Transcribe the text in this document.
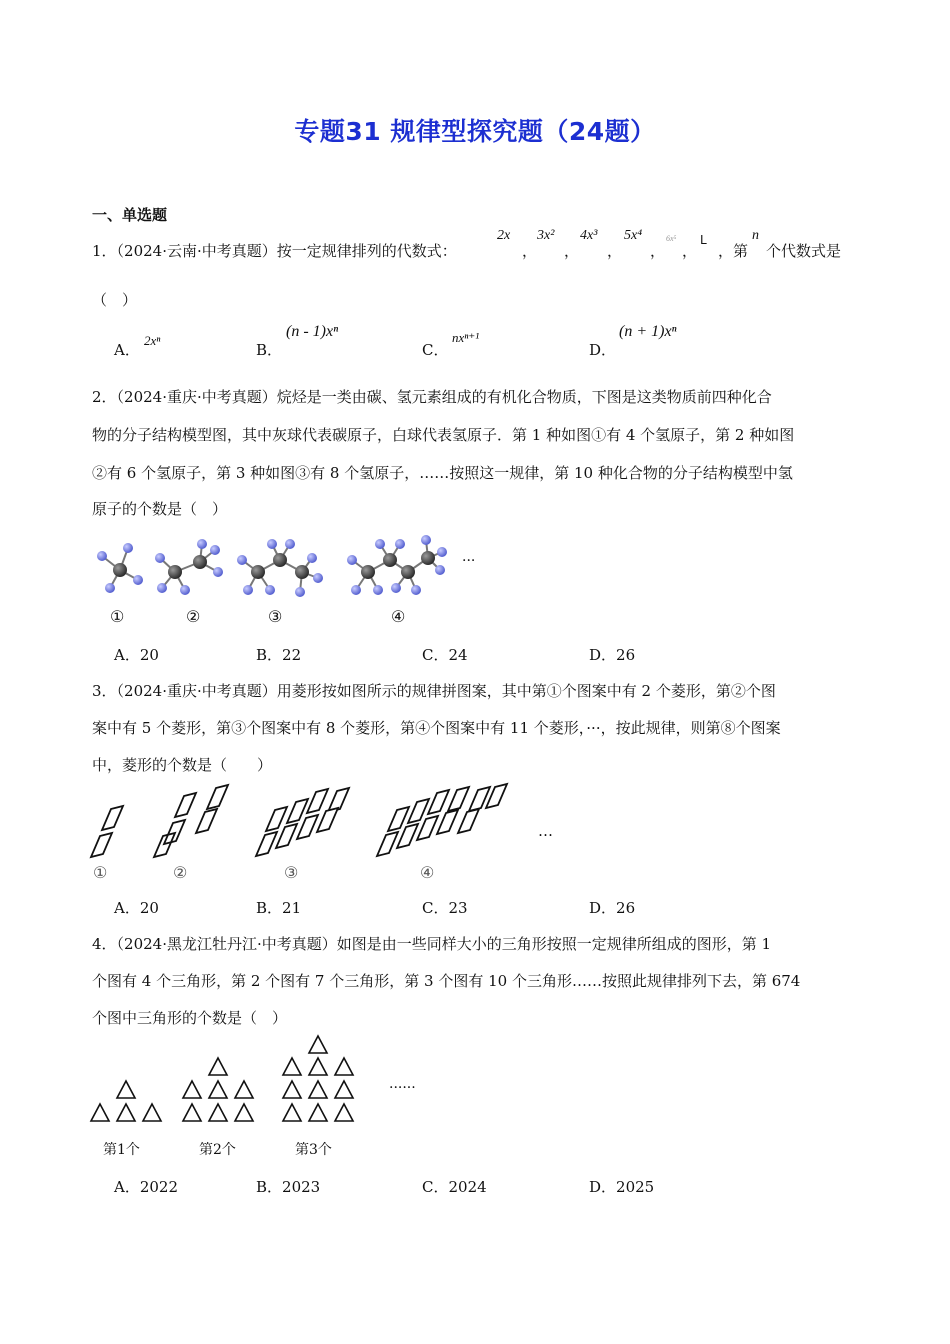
专题31 规律型探究题（24题）
一、单选题
1．（2024·云南·中考真题）按一定规律排列的代数式：
2x
，
3x²
，
4x³
，
5x⁴
，
6x⁵
，
L
，第
n
个代数式是
（　）
A．
2xⁿ
B．
(n - 1)xⁿ
C．
nxⁿ⁺¹
D．
(n + 1)xⁿ
2．（2024·重庆·中考真题）烷烃是一类由碳、氢元素组成的有机化合物质，下图是这类物质前四种化合
物的分子结构模型图，其中灰球代表碳原子，白球代表氢原子．第 1 种如图①有 4 个氢原子，第 2 种如图
②有 6 个氢原子，第 3 种如图③有 8 个氢原子，……按照这一规律，第 10 种化合物的分子结构模型中氢
原子的个数是（　）
···
①	②	③	④
A．20	B．22	C．24	D．26
3．（2024·重庆·中考真题）用菱形按如图所示的规律拼图案，其中第①个图案中有 2 个菱形，第②个图
案中有 5 个菱形，第③个图案中有 8 个菱形，第④个图案中有 11 个菱形，···，按此规律，则第⑧个图案
中，菱形的个数是（　　）
…
①	②	③	④
A．20	B．21	C．23	D．26
4．（2024·黑龙江牡丹江·中考真题）如图是由一些同样大小的三角形按照一定规律所组成的图形，第 1
个图有 4 个三角形，第 2 个图有 7 个三角形，第 3 个图有 10 个三角形……按照此规律排列下去，第 674
个图中三角形的个数是（　）
......
第1个	第2个	第3个
A．2022	B．2023	C．2024	D．2025
